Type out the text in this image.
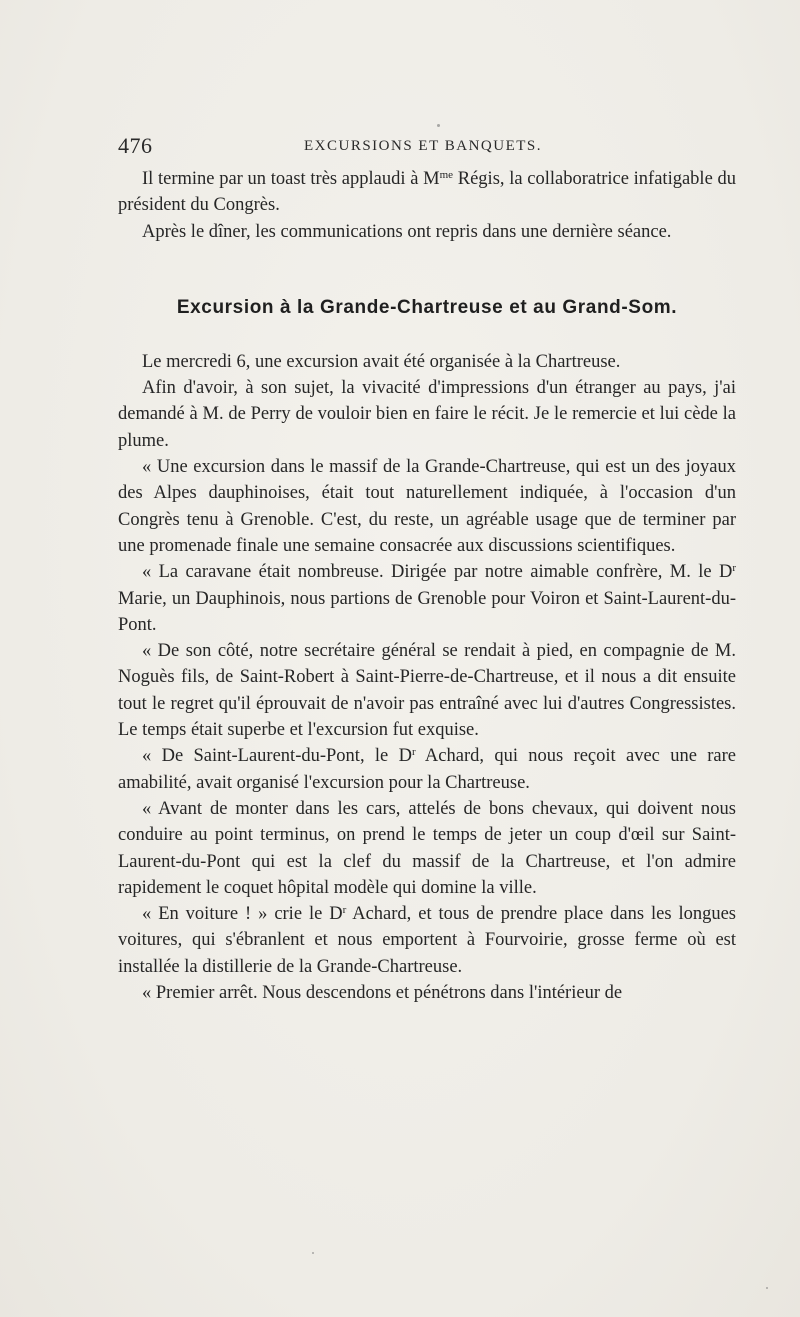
476	EXCURSIONS ET BANQUETS.

Il termine par un toast très applaudi à $M^{me}$ Régis, la collaboratrice infatigable du président du Congrès.

Après le dîner, les communications ont repris dans une dernière séance.

Excursion à la Grande-Chartreuse et au Grand-Som.

Le mercredi 6, une excursion avait été organisée à la Chartreuse.

Afin d'avoir, à son sujet, la vivacité d'impressions d'un étranger au pays, j'ai demandé à M. de Perry de vouloir bien en faire le récit. Je le remercie et lui cède la plume.

« Une excursion dans le massif de la Grande-Chartreuse, qui est un des joyaux des Alpes dauphinoises, était tout naturellement indiquée, à l'occasion d'un Congrès tenu à Grenoble. C'est, du reste, un agréable usage que de terminer par une promenade finale une semaine consacrée aux discussions scientifiques.

« La caravane était nombreuse. Dirigée par notre aimable confrère, M. le $D^r$ Marie, un Dauphinois, nous partions de Grenoble pour Voiron et Saint-Laurent-du-Pont.

« De son côté, notre secrétaire général se rendait à pied, en compagnie de M. Noguès fils, de Saint-Robert à Saint-Pierre-de-Chartreuse, et il nous a dit ensuite tout le regret qu'il éprouvait de n'avoir pas entraîné avec lui d'autres Congressistes. Le temps était superbe et l'excursion fut exquise.

« De Saint-Laurent-du-Pont, le $D^r$ Achard, qui nous reçoit avec une rare amabilité, avait organisé l'excursion pour la Chartreuse.

« Avant de monter dans les cars, attelés de bons chevaux, qui doivent nous conduire au point terminus, on prend le temps de jeter un coup d'œil sur Saint-Laurent-du-Pont qui est la clef du massif de la Chartreuse, et l'on admire rapidement le coquet hôpital modèle qui domine la ville.

« En voiture ! » crie le $D^r$ Achard, et tous de prendre place dans les longues voitures, qui s'ébranlent et nous emportent à Fourvoirie, grosse ferme où est installée la distillerie de la Grande-Chartreuse.

« Premier arrêt. Nous descendons et pénétrons dans l'intérieur de
